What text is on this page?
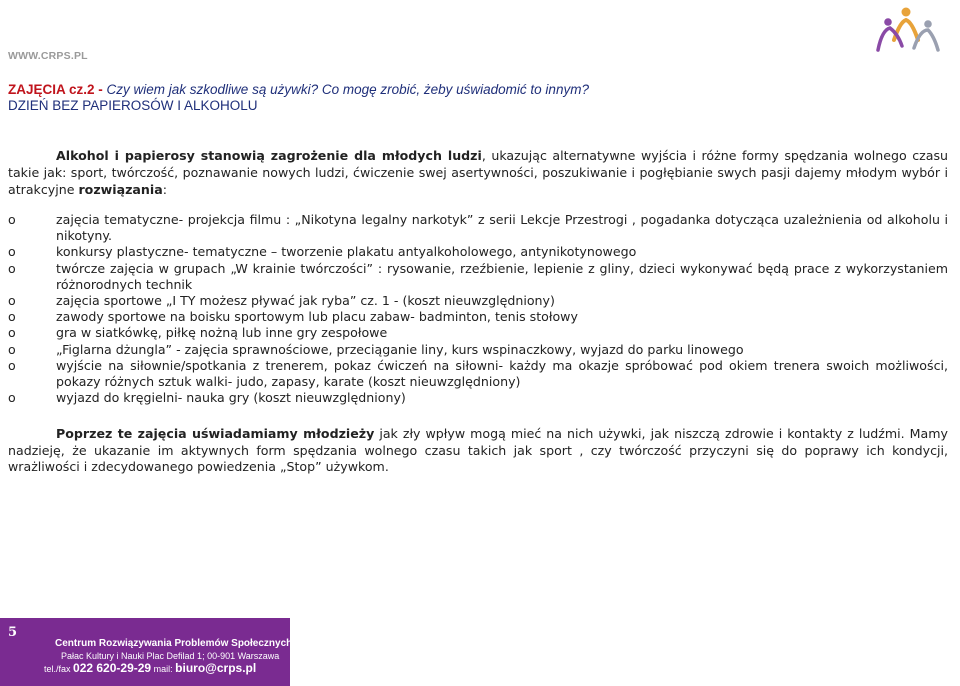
WWW.CRPS.PL
ZAJĘCIA cz.2 - Czy wiem jak szkodliwe są używki? Co mogę zrobić, żeby uświadomić to innym?
DZIEŃ BEZ PAPIEROSÓW I ALKOHOLU

Alkohol i papierosy stanowią zagrożenie dla młodych ludzi, ukazując alternatywne wyjścia i różne formy spędzania wolnego czasu takie jak: sport, twórczość, poznawanie nowych ludzi, ćwiczenie swej asertywności, poszukiwanie i pogłębianie swych pasji dajemy młodym wybór i atrakcyjne rozwiązania:

o	zajęcia tematyczne- projekcja filmu : „Nikotyna legalny narkotyk” z serii Lekcje Przestrogi , pogadanka dotycząca uzależnienia od alkoholu i nikotyny.
o	konkursy plastyczne- tematyczne – tworzenie plakatu antyalkoholowego, antynikotynowego
o	twórcze zajęcia w grupach „W krainie twórczości” : rysowanie, rzeźbienie, lepienie z gliny, dzieci wykonywać będą prace z wykorzystaniem różnorodnych technik
o	zajęcia sportowe „I TY możesz pływać jak ryba” cz. 1 - (koszt nieuwzględniony)
o	zawody sportowe na boisku sportowym lub placu zabaw- badminton, tenis stołowy
o	gra w siatkówkę, piłkę nożną lub inne gry zespołowe
o	„Figlarna dżungla” - zajęcia sprawnościowe, przeciąganie liny, kurs wspinaczkowy, wyjazd do parku linowego
o	wyjście na siłownie/spotkania z trenerem, pokaz ćwiczeń na siłowni- każdy ma okazje spróbować pod okiem trenera swoich możliwości, pokazy różnych sztuk walki- judo, zapasy, karate (koszt nieuwzględniony)
o	wyjazd do kręgielni- nauka gry (koszt nieuwzględniony)

Poprzez te zajęcia uświadamiamy młodzieży jak zły wpływ mogą mieć na nich używki, jak niszczą zdrowie i kontakty z ludźmi. Mamy nadzieję, że ukazanie im aktywnych form spędzania wolnego czasu takich jak sport , czy twórczość przyczyni się do poprawy ich kondycji, wrażliwości i zdecydowanego powiedzenia „Stop” używkom.

5
Centrum Rozwiązywania Problemów Społecznych
Pałac Kultury i Nauki Plac Defilad 1; 00-901 Warszawa
tel./fax 022 620-29-29 mail: biuro@crps.pl
